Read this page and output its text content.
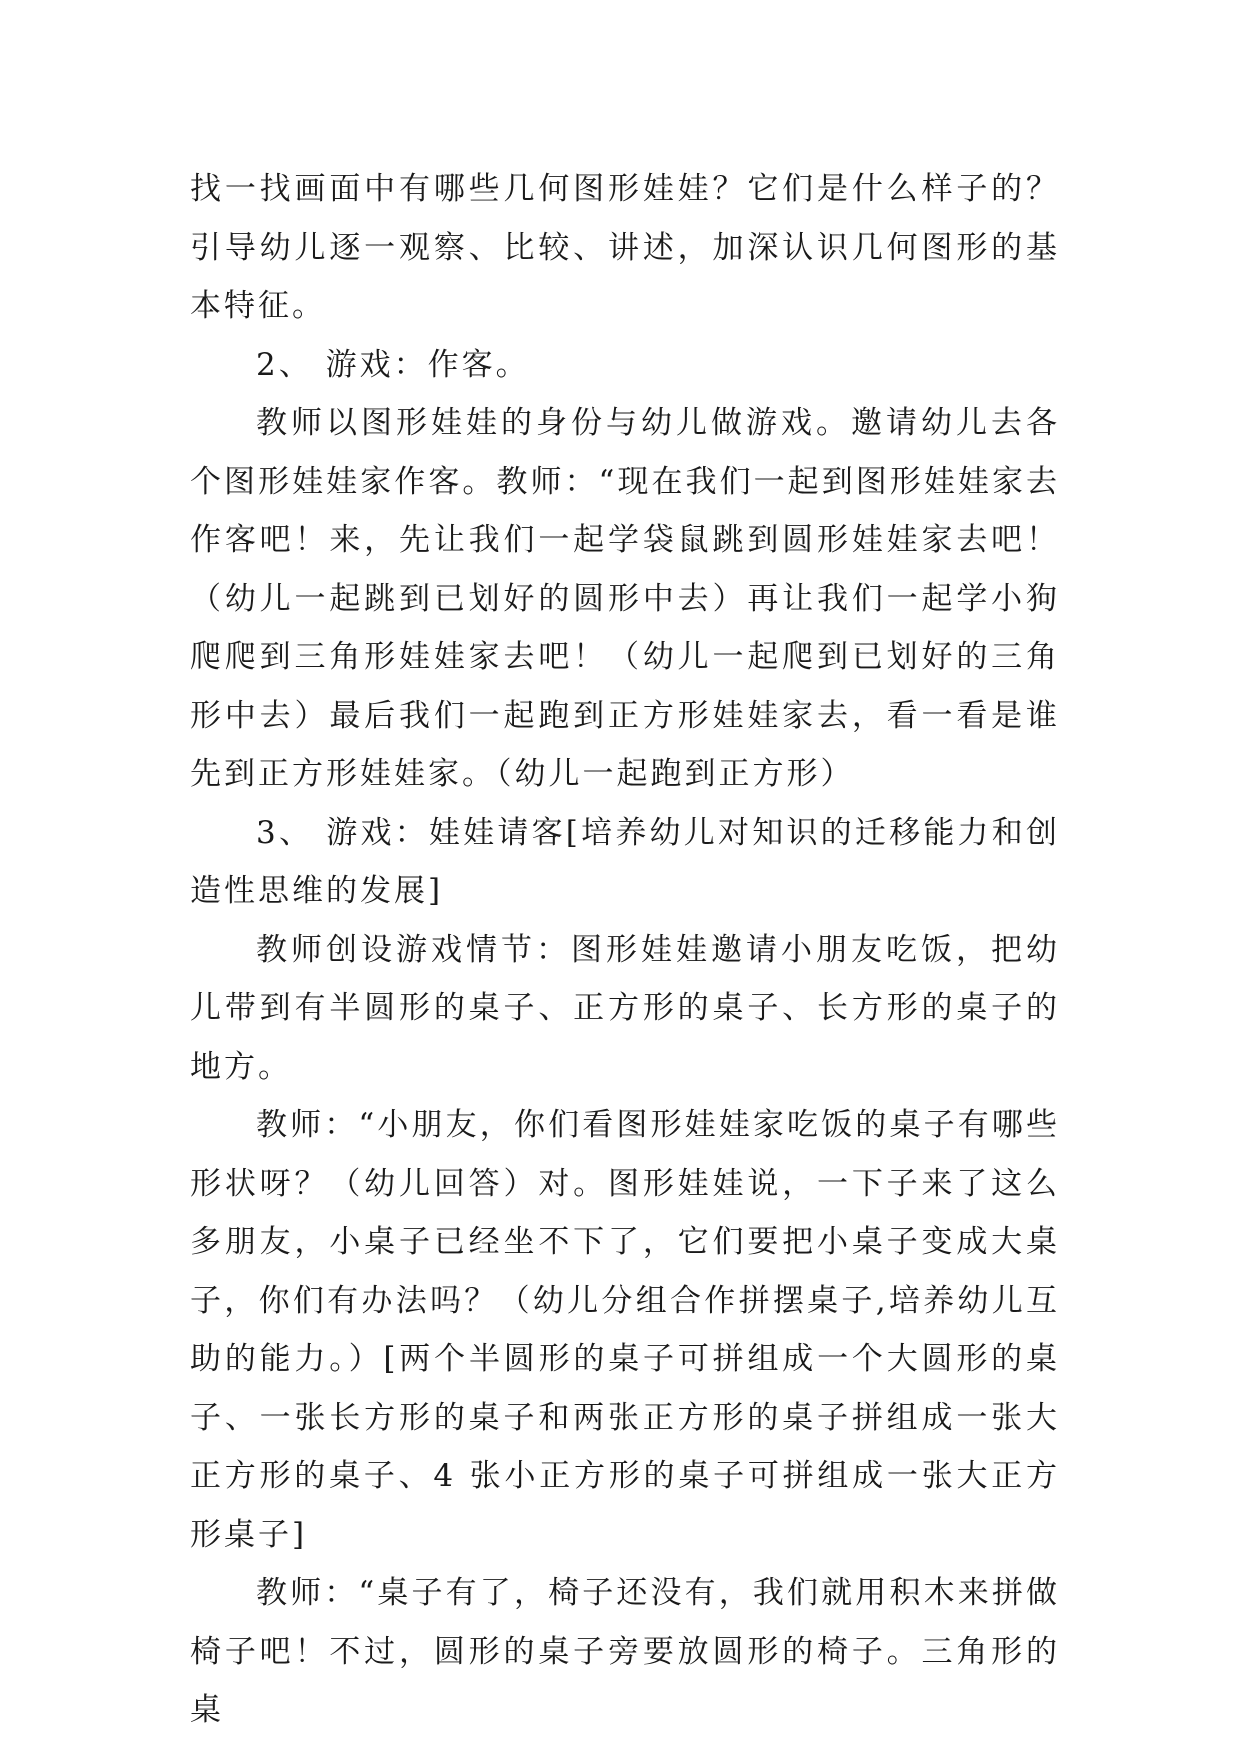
找一找画面中有哪些几何图形娃娃？它们是什么样子的？引导幼儿逐一观察、比较、讲述，加深认识几何图形的基本特征。

2、 游戏：作客。

教师以图形娃娃的身份与幼儿做游戏。邀请幼儿去各个图形娃娃家作客。教师：“现在我们一起到图形娃娃家去作客吧！来，先让我们一起学袋鼠跳到圆形娃娃家去吧！（幼儿一起跳到已划好的圆形中去）再让我们一起学小狗爬爬到三角形娃娃家去吧！（幼儿一起爬到已划好的三角形中去）最后我们一起跑到正方形娃娃家去，看一看是谁先到正方形娃娃家。（幼儿一起跑到正方形）

3、 游戏：娃娃请客[培养幼儿对知识的迁移能力和创造性思维的发展]

教师创设游戏情节：图形娃娃邀请小朋友吃饭，把幼儿带到有半圆形的桌子、正方形的桌子、长方形的桌子的地方。

教师：“小朋友，你们看图形娃娃家吃饭的桌子有哪些形状呀？（幼儿回答）对。图形娃娃说，一下子来了这么多朋友，小桌子已经坐不下了，它们要把小桌子变成大桌子，你们有办法吗？（幼儿分组合作拼摆桌子,培养幼儿互助的能力。）[两个半圆形的桌子可拼组成一个大圆形的桌子、一张长方形的桌子和两张正方形的桌子拼组成一张大正方形的桌子、4 张小正方形的桌子可拼组成一张大正方形桌子]

教师：“桌子有了，椅子还没有，我们就用积木来拼做椅子吧！不过，圆形的桌子旁要放圆形的椅子。三角形的桌
